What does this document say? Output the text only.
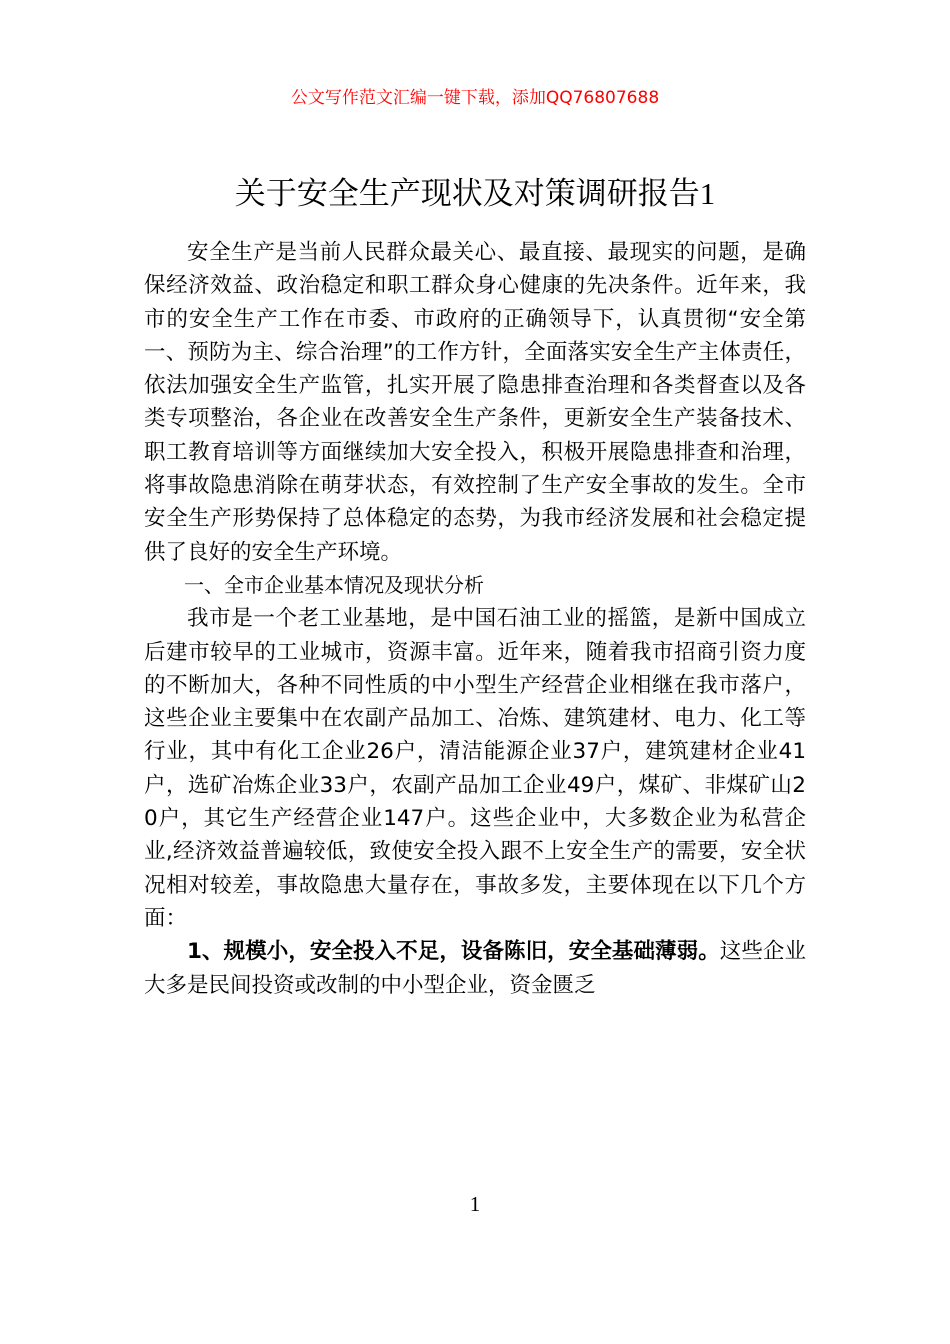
公文写作范文汇编一键下载，添加QQ76807688
关于安全生产现状及对策调研报告1

安全生产是当前人民群众最关心、最直接、最现实的问题，是确保经济效益、政治稳定和职工群众身心健康的先决条件。近年来，我市的安全生产工作在市委、市政府的正确领导下，认真贯彻“安全第一、预防为主、综合治理”的工作方针，全面落实安全生产主体责任，依法加强安全生产监管，扎实开展了隐患排查治理和各类督查以及各类专项整治，各企业在改善安全生产条件，更新安全生产装备技术、职工教育培训等方面继续加大安全投入，积极开展隐患排查和治理，将事故隐患消除在萌芽状态，有效控制了生产安全事故的发生。全市安全生产形势保持了总体稳定的态势，为我市经济发展和社会稳定提供了良好的安全生产环境。

一、全市企业基本情况及现状分析

我市是一个老工业基地，是中国石油工业的摇篮，是新中国成立后建市较早的工业城市，资源丰富。近年来，随着我市招商引资力度的不断加大，各种不同性质的中小型生产经营企业相继在我市落户，这些企业主要集中在农副产品加工、冶炼、建筑建材、电力、化工等行业，其中有化工企业26户，清洁能源企业37户，建筑建材企业41户，选矿冶炼企业33户，农副产品加工企业49户，煤矿、非煤矿山20户，其它生产经营企业147户。这些企业中，大多数企业为私营企业,经济效益普遍较低，致使安全投入跟不上安全生产的需要，安全状况相对较差，事故隐患大量存在，事故多发，主要体现在以下几个方面：

1、规模小，安全投入不足，设备陈旧，安全基础薄弱。这些企业大多是民间投资或改制的中小型企业，资金匮乏

1
